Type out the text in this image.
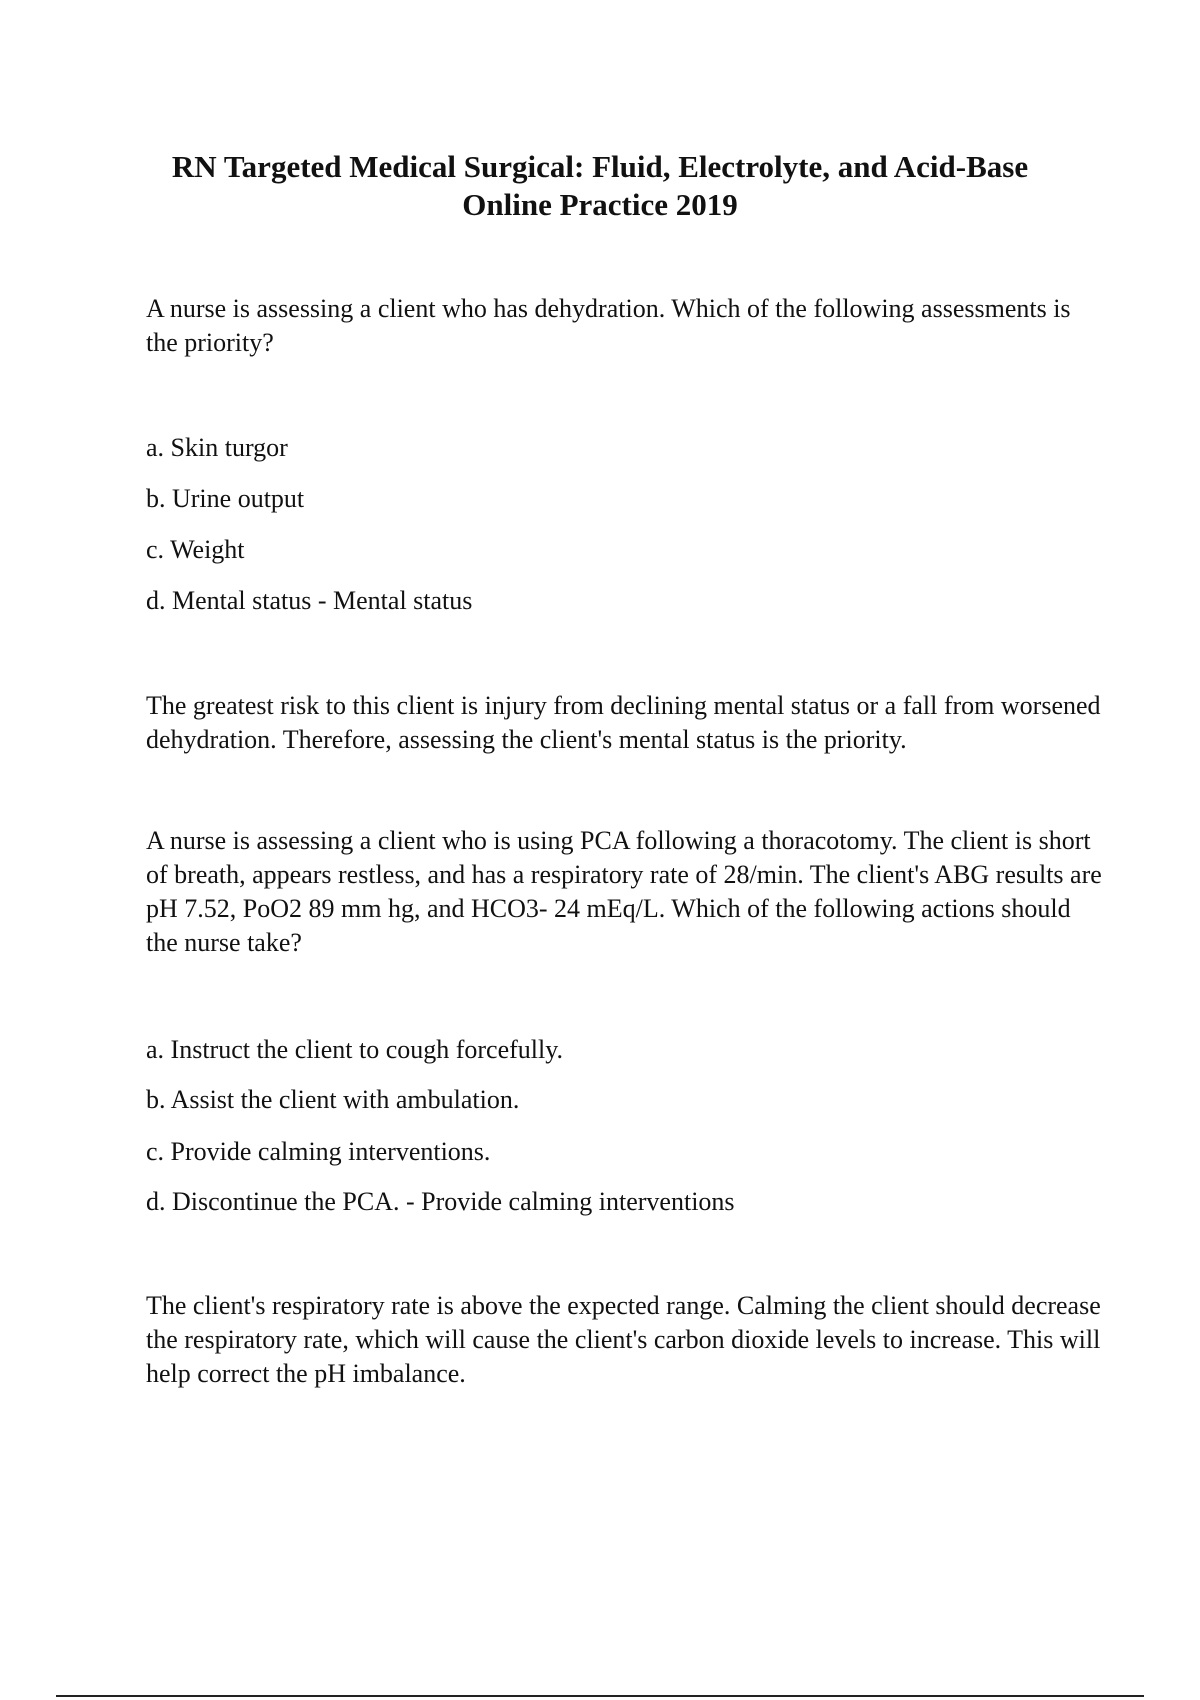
RN Targeted Medical Surgical: Fluid, Electrolyte, and Acid-Base
Online Practice 2019

A nurse is assessing a client who has dehydration. Which of the following assessments is the priority?

a. Skin turgor

b. Urine output

c. Weight

d. Mental status - Mental status

The greatest risk to this client is injury from declining mental status or a fall from worsened dehydration. Therefore, assessing the client's mental status is the priority.

A nurse is assessing a client who is using PCA following a thoracotomy. The client is short of breath, appears restless, and has a respiratory rate of 28/min. The client's ABG results are pH 7.52, PoO2 89 mm hg, and HCO3- 24 mEq/L. Which of the following actions should the nurse take?

a. Instruct the client to cough forcefully.

b. Assist the client with ambulation.

c. Provide calming interventions.

d. Discontinue the PCA. - Provide calming interventions

The client's respiratory rate is above the expected range. Calming the client should decrease the respiratory rate, which will cause the client's carbon dioxide levels to increase. This will help correct the pH imbalance.
